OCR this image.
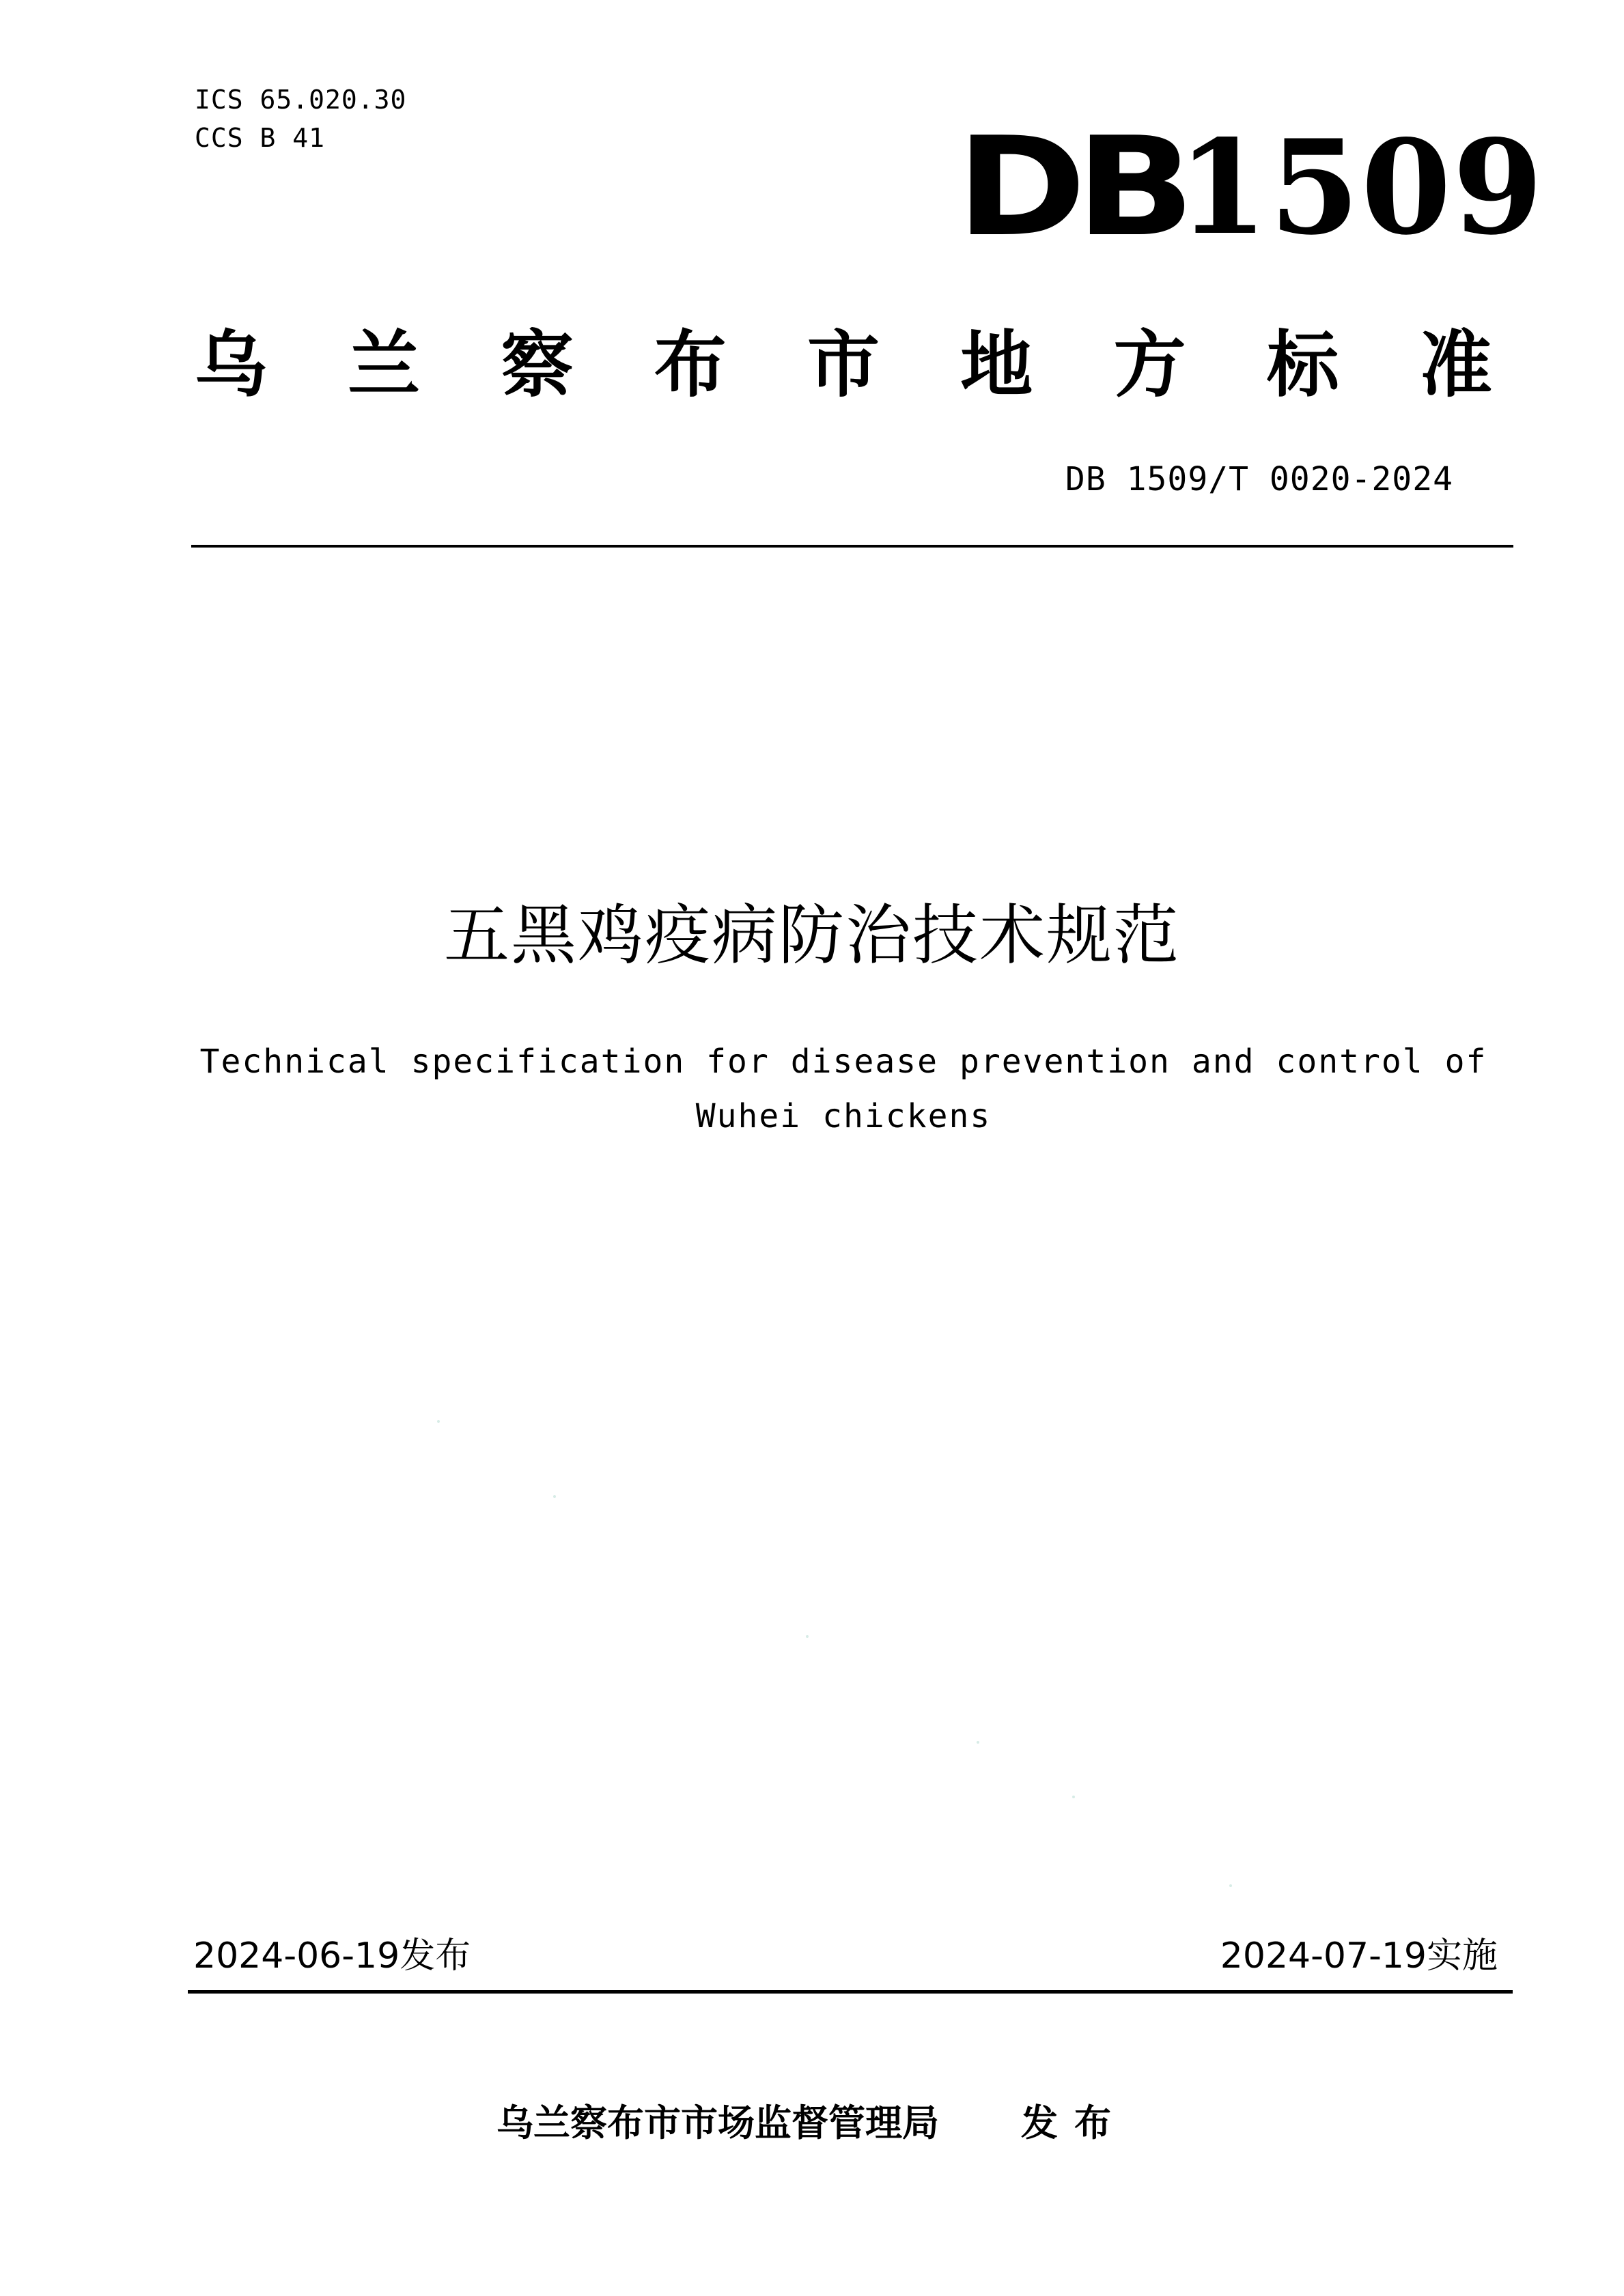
ICS 65.020.30
CCS B 41	DB
1509
乌 兰 察 布 市 地 方 标 准
DB 1509/T 0020-2024
五黑鸡疫病防治技术规范
Technical specification for disease prevention and control of Wuhei chickens
2024-06-19发布	2024-07-19实施
乌兰察布市市场监督管理局 发布
